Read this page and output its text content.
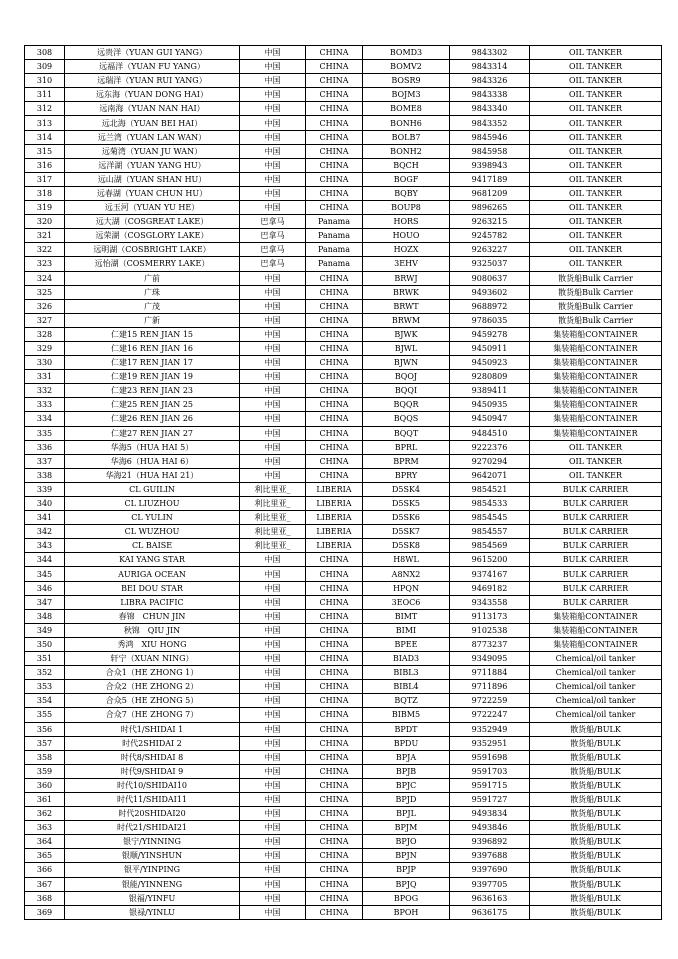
308	远贵洋（YUAN GUI YANG）	中国	CHINA	BOMD3	9843302	OIL TANKER
309	远福洋（YUAN FU YANG）	中国	CHINA	BOMV2	9843314	OIL TANKER
310	远瑞洋（YUAN RUI YANG）	中国	CHINA	BOSR9	9843326	OIL TANKER
311	远东海（YUAN DONG HAI）	中国	CHINA	BOJM3	9843338	OIL TANKER
312	远南海（YUAN NAN HAI）	中国	CHINA	BOME8	9843340	OIL TANKER
313	远北海（YUAN BEI HAI）	中国	CHINA	BONH6	9843352	OIL TANKER
314	远兰湾（YUAN LAN WAN）	中国	CHINA	BOLB7	9845946	OIL TANKER
315	远菊湾（YUAN JU WAN）	中国	CHINA	BONH2	9845958	OIL TANKER
316	远洋湖（YUAN YANG HU）	中国	CHINA	BQCH	9398943	OIL TANKER
317	远山湖（YUAN SHAN HU）	中国	CHINA	BOGF	9417189	OIL TANKER
318	远春湖（YUAN CHUN HU）	中国	CHINA	BQBY	9681209	OIL TANKER
319	远玉河（YUAN YU HE）	中国	CHINA	BOUP8	9896265	OIL TANKER
320	远大湖（COSGREAT LAKE）	巴拿马	Panama	HORS	9263215	OIL TANKER
321	远荣湖（COSGLORY LAKE）	巴拿马	Panama	HOUO	9245782	OIL TANKER
322	远明湖（COSBRIGHT LAKE）	巴拿马	Panama	HOZX	9263227	OIL TANKER
323	远怡湖（COSMERRY LAKE）	巴拿马	Panama	3EHV	9325037	OIL TANKER
324	广前	中国	CHINA	BRWJ	9080637	散货船Bulk Carrier
325	广珠	中国	CHINA	BRWK	9493602	散货船Bulk Carrier
326	广茂	中国	CHINA	BRWT	9688972	散货船Bulk Carrier
327	广新	中国	CHINA	BRWM	9786035	散货船Bulk Carrier
328	仁建15 REN JIAN 15	中国	CHINA	BJWK	9459278	集装箱船CONTAINER
329	仁建16 REN JIAN 16	中国	CHINA	BJWL	9450911	集装箱船CONTAINER
330	仁建17 REN JIAN 17	中国	CHINA	BJWN	9450923	集装箱船CONTAINER
331	仁建19 REN JIAN 19	中国	CHINA	BQOJ	9280809	集装箱船CONTAINER
332	仁建23 REN JIAN 23	中国	CHINA	BQQI	9389411	集装箱船CONTAINER
333	仁建25 REN JIAN 25	中国	CHINA	BQQR	9450935	集装箱船CONTAINER
334	仁建26 REN JIAN 26	中国	CHINA	BQQS	9450947	集装箱船CONTAINER
335	仁建27 REN JIAN 27	中国	CHINA	BQQT	9484510	集装箱船CONTAINER
336	华海5（HUA HAI 5）	中国	CHINA	BPRL	9222376	OIL TANKER
337	华海6（HUA HAI 6）	中国	CHINA	BPRM	9270294	OIL TANKER
338	华海21（HUA HAI 21）	中国	CHINA	BPRY	9642071	OIL TANKER
339	CL GUILIN	利比里亚_	LIBERIA	D5SK4	9854521	BULK CARRIER
340	CL LIUZHOU	利比里亚_	LIBERIA	D5SK5	9854533	BULK CARRIER
341	CL YULIN	利比里亚_	LIBERIA	D5SK6	9854545	BULK CARRIER
342	CL WUZHOU	利比里亚_	LIBERIA	D5SK7	9854557	BULK CARRIER
343	CL BAISE	利比里亚_	LIBERIA	D5SK8	9854569	BULK CARRIER
344	KAI YANG STAR	中国	CHINA	H8WL	9615200	BULK CARRIER
345	AURIGA OCEAN	中国	CHINA	A8NX2	9374167	BULK CARRIER
346	BEI DOU STAR	中国	CHINA	HPQN	9469182	BULK CARRIER
347	LIBRA PACIFIC	中国	CHINA	3EOC6	9343558	BULK CARRIER
348	春锦　CHUN JIN	中国	CHINA	BIMT	9113173	集装箱船CONTAINER
349	秋锦　QIU JIN	中国	CHINA	BIMI	9102538	集装箱船CONTAINER
350	秀鸿　XIU HONG	中国	CHINA	BPEE	8773237	集装箱船CONTAINER
351	轩宁（XUAN NING）	中国	CHINA	BIAD3	9349095	Chemical/oil tanker
352	合众1（HE ZHONG 1）	中国	CHINA	BIBL3	9711884	Chemical/oil tanker
353	合众2（HE ZHONG 2）	中国	CHINA	BIBL4	9711896	Chemical/oil tanker
354	合众5（HE ZHONG 5）	中国	CHINA	BQTZ	9722259	Chemical/oil tanker
355	合众7（HE ZHONG 7）	中国	CHINA	BIBM5	9722247	Chemical/oil tanker
356	时代1/SHIDAI 1	中国	CHINA	BPDT	9352949	散货船/BULK
357	时代2SHIDAI 2	中国	CHINA	BPDU	9352951	散货船/BULK
358	时代8/SHIDAI 8	中国	CHINA	BPJA	9591698	散货船/BULK
359	时代9/SHIDAI 9	中国	CHINA	BPJB	9591703	散货船/BULK
360	时代10/SHIDAI10	中国	CHINA	BPJC	9591715	散货船/BULK
361	时代11/SHIDAI11	中国	CHINA	BPJD	9591727	散货船/BULK
362	时代20SHIDAI20	中国	CHINA	BPJL	9493834	散货船/BULK
363	时代21/SHIDAI21	中国	CHINA	BPJM	9493846	散货船/BULK
364	银宁/YINNING	中国	CHINA	BPJO	9396892	散货船/BULK
365	银顺/YINSHUN	中国	CHINA	BPJN	9397688	散货船/BULK
366	银平/YINPING	中国	CHINA	BPJP	9397690	散货船/BULK
367	银能/YINNENG	中国	CHINA	BPJQ	9397705	散货船/BULK
368	银福/YINFU	中国	CHINA	BPOG	9636163	散货船/BULK
369	银禄/YINLU	中国	CHINA	BPOH	9636175	散货船/BULK
